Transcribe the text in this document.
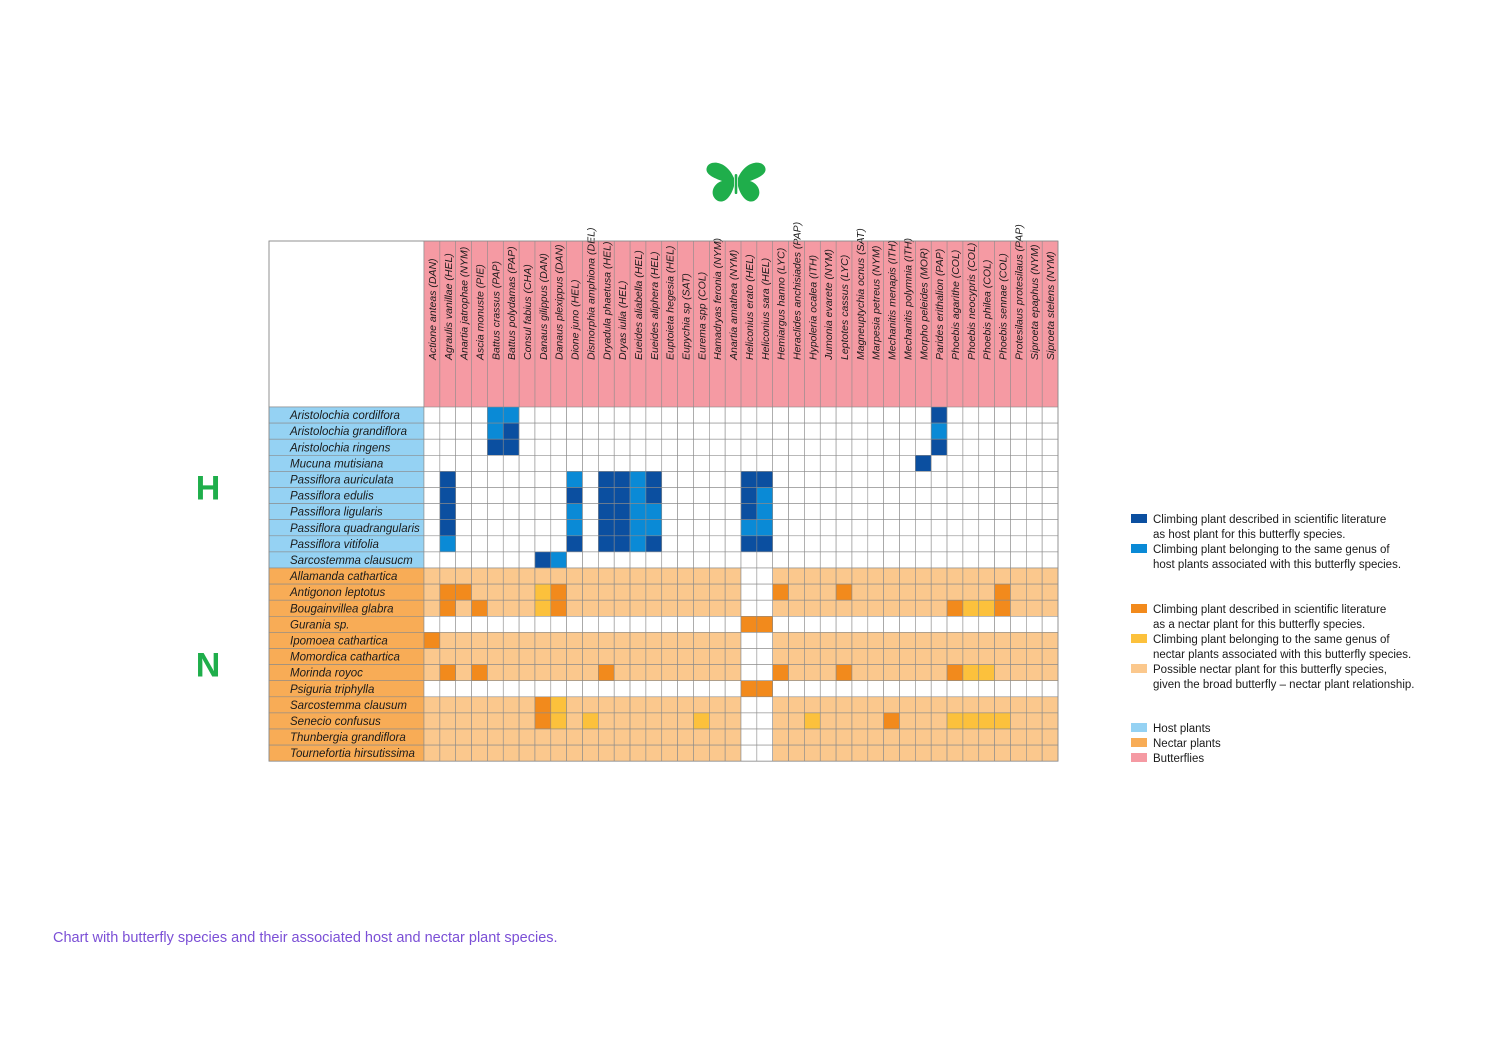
Actione anteas (DAN) Agraulis vanillae (HEL) Anartia jatrophae (NYM) Ascia monuste (PIE) Battus crassus (PAP) Battus polydamas (PAP) Consul fabius (CHA) Danaus gilippus (DAN) Danaus plexippus (DAN) Dione juno (HEL) Dismorphia amphiona (DEL) Dryadula phaetusa (HEL) Dryas iulia (HEL) Eueides aliabella (HEL) Eueides aliphera (HEL) Euptoieta hegesia (HEL) Eupychia sp (SAT) Eurema spp (COL) Hamadryas feronia (NYM) Anartia amathea (NYM) Heliconius erato (HEL) Heliconius sara (HEL) Hemiargus hanno (LYC) Heraclides anchisiades (PAP) Hypoleria ocalea (ITH) Jumonia evarete (NYM) Leptotes cassus (LYC) Magneuptychia ocnus (SAT) Marpesia petreus (NYM) Mechanitis menapis (ITH) Mechanitis polymnia (ITH) Morpho peleides (MOR) Parides erithalion (PAP) Phoebis agarithe (COL) Phoebis neocypris (COL) Phoebis philea (COL) Phoebis sennae (COL) Protesilaus protesilaus (PAP) Siproeta epaphus (NYM) Siproeta stelens (NYM)
Aristolochia cordilfora
Aristolochia grandiflora
Aristolochia ringens
Mucuna mutisiana
Passiflora auriculata
Passiflora edulis
Passiflora ligularis
Passiflora quadrangularis
Passiflora vitifolia
Sarcostemma clausucm
H
Allamanda cathartica
Antigonon leptotus
Bougainvillea glabra
Gurania sp.
Ipomoea cathartica
Momordica cathartica
Morinda royoc
Psiguria triphylla
Sarcostemma clausum
Senecio confusus
Thunbergia grandiflora
Tournefortia hirsutissima
N
Climbing plant described in scientific literature
as host plant for this butterfly species.
Climbing plant belonging to the same genus of
host plants associated with this butterfly species.
Climbing plant described in scientific literature
as a nectar plant for this butterfly species.
Climbing plant belonging to the same genus of
nectar plants associated with this butterfly species.
Possible nectar plant for this butterfly species,
given the broad butterfly – nectar plant relationship.
Host plants
Nectar plants
Butterflies

Chart with butterfly species and their associated host and nectar plant species.
